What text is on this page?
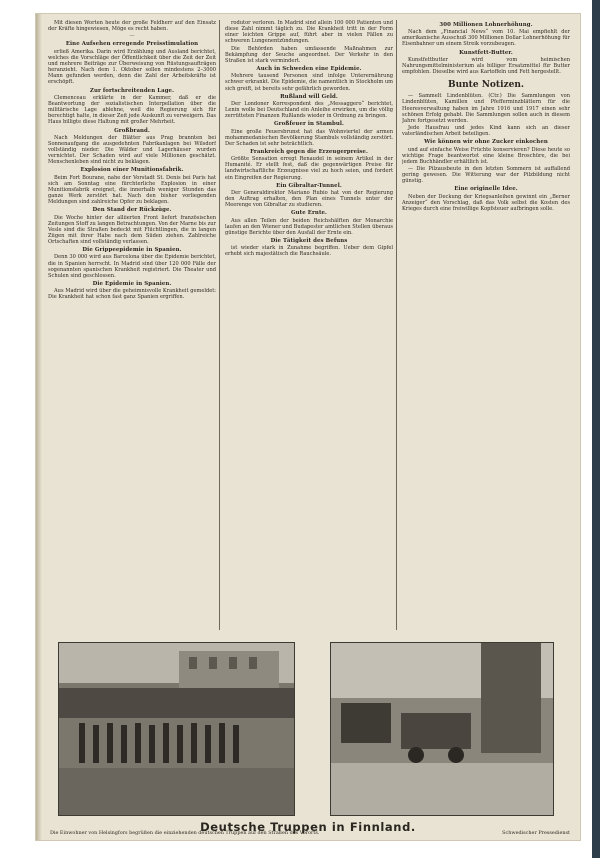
Mit diesen Worten heute der große Feldherr auf den Einsatz der Kräfte hingewiesen, Möge es recht haben.

—
Eine Aufsehen erregende Preisstimulation

erließ Amerika. Darin wird Erzählung und Ausland berichtet, welches die Vorschläge der Öffentlichkeit über die Zeit der Zeit und mehrere Beiträge zur Überweisung von Rüstungsaufträgen heranzieht. Nach dem 1. Oktober sollen mindestens 2–3000 Mann gefunden werden, denn die Zahl der Arbeitskräfte ist erschöpft.

Zur fortschreitenden Lage.

Clemenceau erklärte in der Kammer, daß er die Beantwortung der sozialistischen Interpellation über die militärische Lage ablehne, weil die Regierung sich für berechtigt halte, in dieser Zeit jede Auskunft zu verweigern. Das Haus billigte diese Haltung mit großer Mehrheit.

Großbrand.

Nach Meldungen der Blätter aus Prag brannten bei Sonnenaufgang die ausgedehnten Fabrikanlagen bei Wilsdorf vollständig nieder. Die Wälder und Lagerhäuser wurden vernichtet. Der Schaden wird auf viele Millionen geschätzt. Menschenleben sind nicht zu beklagen.

Explosion einer Munitionsfabrik.

Beim Fort Bourane, nahe der Vorstadt St. Denis bei Paris hat sich am Sonntag eine fürchterliche Explosion in einer Munitionsfabrik ereignet, die innerhalb weniger Stunden das ganze Werk zerstört hat. Nach den bisher vorliegenden Meldungen sind zahlreiche Opfer zu beklagen.

Den Stand der Rückzüge.

Die Woche hinter der alliierten Front liefert französischen Zeitungen Stoff zu langen Betrachtungen. Von der Marne bis zur Vesle sind die Straßen bedeckt mit Flüchtlingen, die in langen Zügen mit ihrer Habe nach dem Süden ziehen. Zahlreiche Ortschaften sind vollständig verlassen.

Die Grippeepidemie in Spanien.

Denn 30 000 wird aus Barcelona über die Epidemie berichtet, die in Spanien herrscht. In Madrid sind über 120 000 Fälle der sogenannten spanischen Krankheit registriert. Die Theater und Schulen sind geschlossen.

Die Epidemie in Spanien.

Aus Madrid wird über die geheimnisvolle Krankheit gemeldet: Die Krankheit hat schon fast ganz Spanien ergriffen.

rodutor verloren. In Madrid sind allein 100 000 Patienten und diese Zahl nimmt täglich zu. Die Krankheit tritt in der Form einer leichten Grippe auf, führt aber in vielen Fällen zu schweren Lungenentzündungen.

Die Behörden haben umfassende Maßnahmen zur Bekämpfung der Seuche angeordnet. Der Verkehr in den Straßen ist stark vermindert.

Auch in Schweden eine Epidemie.

Mehrere tausend Personen sind infolge Unterernährung schwer erkrankt. Die Epidemie, die namentlich in Stockholm um sich greift, ist bereits sehr gefährlich geworden.

Rußland will Geld.

Der Londoner Korrespondent des „Messaggero“ berichtet, Lenin wolle bei Deutschland ein Anleihe erwirken, um die völlig zerrütteten Finanzen Rußlands wieder in Ordnung zu bringen.

Großfeuer in Stambul.

Eine große Feuersbrunst hat das Wohnviertel der armen mohammedanischen Bevölkerung Stambuls vollständig zerstört. Der Schaden ist sehr beträchtlich.

Frankreich gegen die Erzeugerpreise.

Größte Sensation erregt Renaudel in seinem Artikel in der Humanité. Er stellt fest, daß die gegenwärtigen Preise für landwirtschaftliche Erzeugnisse viel zu hoch seien, und fordert ein Eingreifen der Regierung.

Ein Gibraltar-Tunnel.

Der Generaldirektor Mariano Rubio hat von der Regierung den Auftrag erhalten, den Plan eines Tunnels unter der Meerenge von Gibraltar zu studieren.

Gute Ernte.

Aus allen Teilen der beiden Reichshälften der Monarchie laufen an den Wiener und Budapester amtlichen Stellen überaus günstige Berichte über den Ausfall der Ernte ein.

Die Tätigkeit des Befuns

ist wieder stark in Zunahme begriffen. Ueber dem Gipfel erhebt sich majestätisch die Rauchsäule.

300 Millionen Lohnerhöhung.

Nach dem „Financial News“ vom 10. Mai empfiehlt der amerikanische Ausschuß 300 Millionen Dollar Lohnerhöhung für Eisenbahner um einem Streik vorzubeugen.

Kunstfett-Butter.

Kunstfettbutter wird vom heimischen Nahrungsmittelministerium als billiger Ersatzmittel für Butter empfohlen. Dieselbe wird aus Kartoffeln und Fett hergestellt.

Bunte Notizen.

— Sammelt Lindenblüten. (Ctr.) Die Sammlungen von Lindenblüten, Kamillen und Pfefferminzblättern für die Heeresverwaltung haben im Jahre 1916 und 1917 einen sehr schönen Erfolg gehabt. Die Sammlungen sollen auch in diesem Jahre fortgesetzt werden.

Jede Hausfrau und jedes Kind kann sich an dieser vaterländischen Arbeit beteiligen.

Wie können wir ohne Zucker einkochen

und auf einfache Weise Früchte konservieren? Diese heute so wichtige Frage beantwortet eine kleine Broschüre, die bei jedem Buchhändler erhältlich ist.

— Die Pilzausbeute in den letzten Sommern ist auffallend gering gewesen. Die Witterung war der Pilzbildung nicht günstig.

Eine originelle Idee.

Neben der Deckung der Kriegsanleihen gewinnt ein „Berner Anzeiger“ den Vorschlag, daß das Volk selbst die Kosten des Krieges durch eine freiwillige Kopfsteuer aufbringen solle.

Deutsche Truppen in Finnland.
Die Einwohner von Helsingfors begrüßen die einziehenden deutschen Truppen auf den Straßen des Vororts.	Schwedischer Pressedienst
